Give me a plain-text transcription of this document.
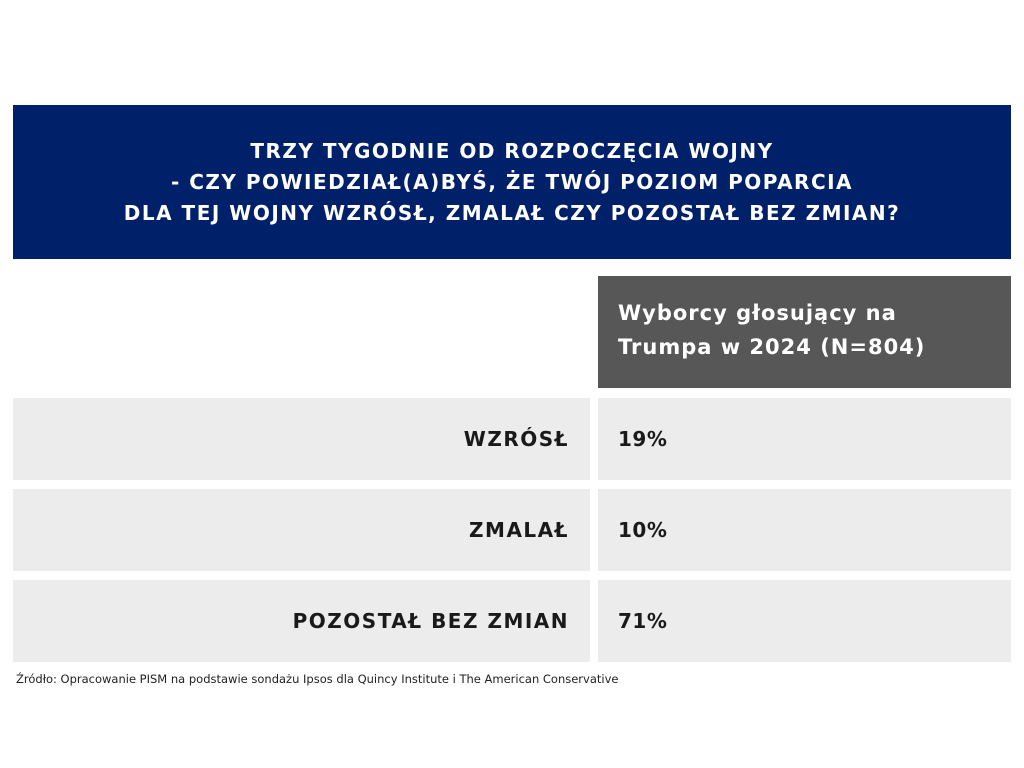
TRZY TYGODNIE OD ROZPOCZĘCIA WOJNY
- CZY POWIEDZIAŁ(A)BYŚ, ŻE TWÓJ POZIOM POPARCIA
DLA TEJ WOJNY WZRÓSŁ, ZMALAŁ CZY POZOSTAŁ BEZ ZMIAN?
Wyborcy głosujący na
Trumpa w 2024 (N=804)
WZRÓSŁ 19%
ZMALAŁ 10%
POZOSTAŁ BEZ ZMIAN 71%
Źródło: Opracowanie PISM na podstawie sondażu Ipsos dla Quincy Institute i The American Conservative
